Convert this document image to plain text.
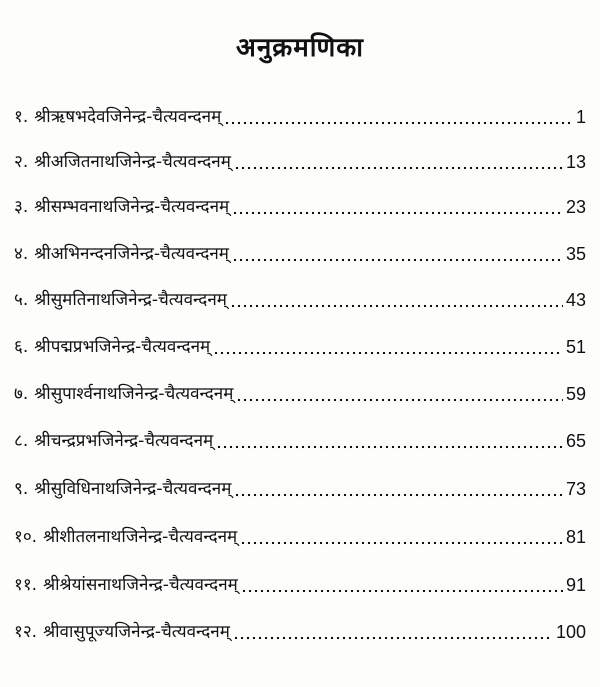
अनुक्रमणिका
१. श्रीऋषभदेवजिनेन्द्र-चैत्यवन्दनम्	1
२. श्रीअजितनाथजिनेन्द्र-चैत्यवन्दनम्	13
३. श्रीसम्भवनाथजिनेन्द्र-चैत्यवन्दनम्	23
४. श्रीअभिनन्दनजिनेन्द्र-चैत्यवन्दनम्	35
५. श्रीसुमतिनाथजिनेन्द्र-चैत्यवन्दनम्	43
६. श्रीपद्मप्रभजिनेन्द्र-चैत्यवन्दनम्	51
७. श्रीसुपार्श्वनाथजिनेन्द्र-चैत्यवन्दनम्	59
८. श्रीचन्द्रप्रभजिनेन्द्र-चैत्यवन्दनम्	65
९. श्रीसुविधिनाथजिनेन्द्र-चैत्यवन्दनम्	73
१०. श्रीशीतलनाथजिनेन्द्र-चैत्यवन्दनम्	81
११. श्रीश्रेयांसनाथजिनेन्द्र-चैत्यवन्दनम्	91
१२. श्रीवासुपूज्यजिनेन्द्र-चैत्यवन्दनम्	100
